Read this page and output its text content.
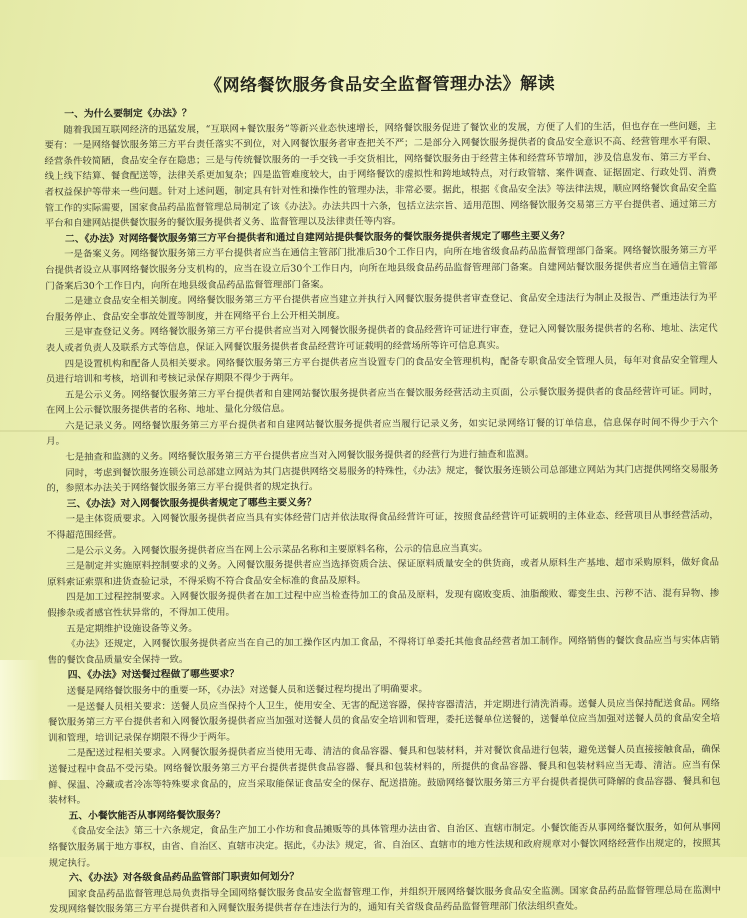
《网络餐饮服务食品安全监督管理办法》解读
一、为什么要制定《办法》？
随着我国互联网经济的迅猛发展，“互联网+餐饮服务”等新兴业态快速增长，网络餐饮服务促进了餐饮业的发展，方便了人们的生活，但也存在一些问题，主要有：一是网络餐饮服务第三方平台责任落实不到位，对入网餐饮服务者审查把关不严；二是部分入网餐饮服务提供者的食品安全意识不高、经营管理水平有限、经营条件较简陋，食品安全存在隐患；三是与传统餐饮服务的一手交钱一手交货相比，网络餐饮服务由于经营主体和经营环节增加，涉及信息发布、第三方平台、线上线下结算、餐食配送等，法律关系更加复杂；四是监管难度较大，由于网络餐饮的虚拟性和跨地域特点，对行政管辖、案件调查、证据固定、行政处罚、消费者权益保护等带来一些问题。针对上述问题，制定具有针对性和操作性的管理办法，非常必要。据此，根据《食品安全法》等法律法规，顺应网络餐饮食品安全监管工作的实际需要，国家食品药品监督管理总局制定了该《办法》。办法共四十六条，包括立法宗旨、适用范围、网络餐饮服务交易第三方平台提供者、通过第三方平台和自建网站提供餐饮服务的餐饮服务提供者义务、监督管理以及法律责任等内容。
二、《办法》对网络餐饮服务第三方平台提供者和通过自建网站提供餐饮服务的餐饮服务提供者规定了哪些主要义务？
一是备案义务。网络餐饮服务第三方平台提供者应当在通信主管部门批准后30个工作日内，向所在地省级食品药品监督管理部门备案。网络餐饮服务第三方平台提供者设立从事网络餐饮服务分支机构的，应当在设立后30个工作日内，向所在地县级食品药品监督管理部门备案。自建网站餐饮服务提供者应当在通信主管部门备案后30个工作日内，向所在地县级食品药品监督管理部门备案。
二是建立食品安全相关制度。网络餐饮服务第三方平台提供者应当建立并执行入网餐饮服务提供者审查登记、食品安全违法行为制止及报告、严重违法行为平台服务停止、食品安全事故处置等制度，并在网络平台上公开相关制度。
三是审查登记义务。网络餐饮服务第三方平台提供者应当对入网餐饮服务提供者的食品经营许可证进行审查，登记入网餐饮服务提供者的名称、地址、法定代表人或者负责人及联系方式等信息，保证入网餐饮服务提供者食品经营许可证载明的经营场所等许可信息真实。
四是设置机构和配备人员相关要求。网络餐饮服务第三方平台提供者应当设置专门的食品安全管理机构，配备专职食品安全管理人员，每年对食品安全管理人员进行培训和考核，培训和考核记录保存期限不得少于两年。
五是公示义务。网络餐饮服务第三方平台提供者和自建网站餐饮服务提供者应当在餐饮服务经营活动主页面，公示餐饮服务提供者的食品经营许可证。同时，在网上公示餐饮服务提供者的名称、地址、量化分级信息。
六是记录义务。网络餐饮服务第三方平台提供者和自建网站餐饮服务提供者应当履行记录义务，如实记录网络订餐的订单信息，信息保存时间不得少于六个月。
七是抽查和监测的义务。网络餐饮服务第三方平台提供者应当对入网餐饮服务提供者的经营行为进行抽查和监测。
同时，考虑到餐饮服务连锁公司总部建立网站为其门店提供网络交易服务的特殊性，《办法》规定，餐饮服务连锁公司总部建立网站为其门店提供网络交易服务的，参照本办法关于网络餐饮服务第三方平台提供者的规定执行。
三、《办法》对入网餐饮服务提供者规定了哪些主要义务？
一是主体资质要求。入网餐饮服务提供者应当具有实体经营门店并依法取得食品经营许可证，按照食品经营许可证载明的主体业态、经营项目从事经营活动，不得超范围经营。
二是公示义务。入网餐饮服务提供者应当在网上公示菜品名称和主要原料名称，公示的信息应当真实。
三是制定并实施原料控制要求的义务。入网餐饮服务提供者应当选择资质合法、保证原料质量安全的供货商，或者从原料生产基地、超市采购原料，做好食品原料索证索票和进货查验记录，不得采购不符合食品安全标准的食品及原料。
四是加工过程控制要求。入网餐饮服务提供者在加工过程中应当检查待加工的食品及原料，发现有腐败变质、油脂酸败、霉变生虫、污秽不洁、混有异物、掺假掺杂或者感官性状异常的，不得加工使用。
五是定期维护设施设备等义务。
《办法》还规定，入网餐饮服务提供者应当在自己的加工操作区内加工食品，不得将订单委托其他食品经营者加工制作。网络销售的餐饮食品应当与实体店销售的餐饮食品质量安全保持一致。
四、《办法》对送餐过程做了哪些要求？
送餐是网络餐饮服务中的重要一环，《办法》对送餐人员和送餐过程均提出了明确要求。
一是送餐人员相关要求：送餐人员应当保持个人卫生，使用安全、无害的配送容器，保持容器清洁，并定期进行清洗消毒。送餐人员应当保持配送食品。网络餐饮服务第三方平台提供者和入网餐饮服务提供者应当加强对送餐人员的食品安全培训和管理，委托送餐单位送餐的，送餐单位应当加强对送餐人员的食品安全培训和管理，培训记录保存期限不得少于两年。
二是配送过程相关要求。入网餐饮服务提供者应当使用无毒、清洁的食品容器、餐具和包装材料，并对餐饮食品进行包装，避免送餐人员直接接触食品，确保送餐过程中食品不受污染。网络餐饮服务第三方平台提供者提供食品容器、餐具和包装材料的，所提供的食品容器、餐具和包装材料应当无毒、清洁。应当有保鲜、保温、冷藏或者冷冻等特殊要求食品的，应当采取能保证食品安全的保存、配送措施。鼓励网络餐饮服务第三方平台提供者提供可降解的食品容器、餐具和包装材料。
五、小餐饮能否从事网络餐饮服务？
《食品安全法》第三十六条规定，食品生产加工小作坊和食品摊贩等的具体管理办法由省、自治区、直辖市制定。小餐饮能否从事网络餐饮服务，如何从事网络餐饮服务属于地方事权，由省、自治区、直辖市决定。据此，《办法》规定，省、自治区、直辖市的地方性法规和政府规章对小餐饮网络经营作出规定的，按照其规定执行。
六、《办法》对各级食品药品监管部门职责如何划分？
国家食品药品监督管理总局负责指导全国网络餐饮服务食品安全监督管理工作，并组织开展网络餐饮服务食品安全监测。国家食品药品监督管理总局在监测中发现网络餐饮服务第三方平台提供者和入网餐饮服务提供者存在违法行为的，通知有关省级食品药品监督管理部门依法组织查处。
